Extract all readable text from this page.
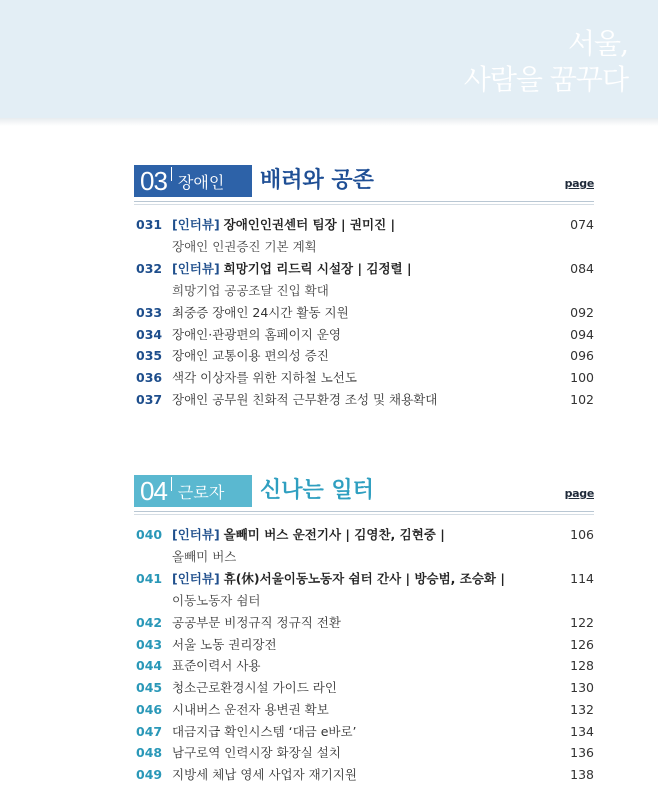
서울,
사람을 꿈꾸다
03 장애인 배려와 공존	page
031 [인터뷰] 장애인인권센터 팀장 | 권미진 |	074
장애인 인권증진 기본 계획
032 [인터뷰] 희망기업 리드릭 시설장 | 김정렬 |	084
희망기업 공공조달 진입 확대
033 최중증 장애인 24시간 활동 지원	092
034 장애인·관광편의 홈페이지 운영	094
035 장애인 교통이용 편의성 증진	096
036 색각 이상자를 위한 지하철 노선도	100
037 장애인 공무원 친화적 근무환경 조성 및 채용확대	102
04 근로자 신나는 일터	page
040 [인터뷰] 올빼미 버스 운전기사 | 김영찬, 김현중 |	106
올빼미 버스
041 [인터뷰] 휴(休)서울이동노동자 쉼터 간사 | 방승범, 조승화 |	114
이동노동자 쉼터
042 공공부문 비정규직 정규직 전환	122
043 서울 노동 권리장전	126
044 표준이력서 사용	128
045 청소근로환경시설 가이드 라인	130
046 시내버스 운전자 용변권 확보	132
047 대금지급 확인시스템 ‘대금 e바로’	134
048 남구로역 인력시장 화장실 설치	136
049 지방세 체납 영세 사업자 재기지원	138
